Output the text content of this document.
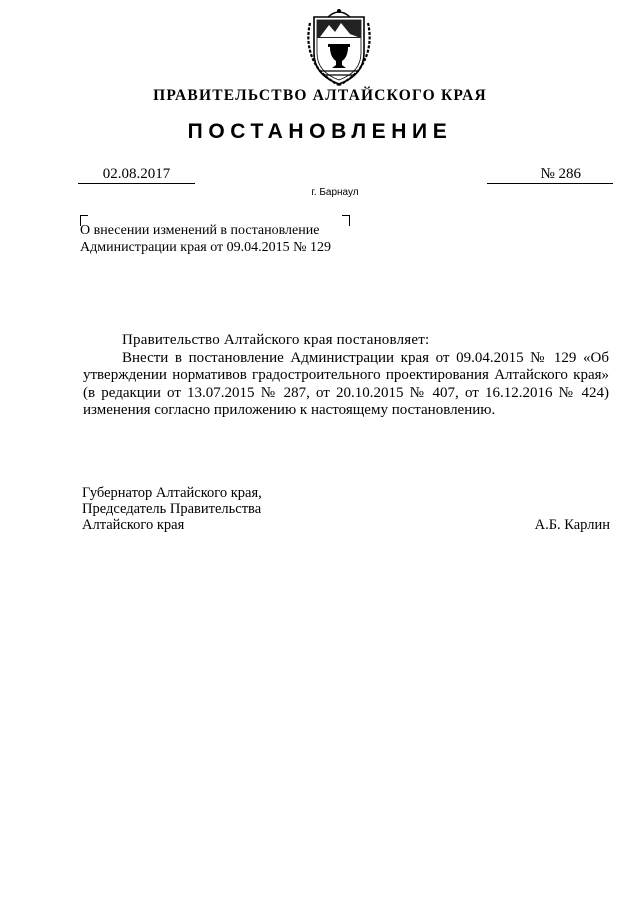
ПРАВИТЕЛЬСТВО АЛТАЙСКОГО КРАЯ
ПОСТАНОВЛЕНИЕ
02.08.2017	№ 286
г. Барнаул
О внесении изменений в постановление
Администрации края от 09.04.2015 № 129

Правительство Алтайского края постановляет:

Внести в постановление Администрации края от 09.04.2015 № 129 «Об утверждении нормативов градостроительного проектирования Алтайского края» (в редакции от 13.07.2015 № 287, от 20.10.2015 № 407, от 16.12.2016 № 424) изменения согласно приложению к настоящему постановлению.

Губернатор Алтайского края,
Председатель Правительства
Алтайского края	А.Б. Карлин
